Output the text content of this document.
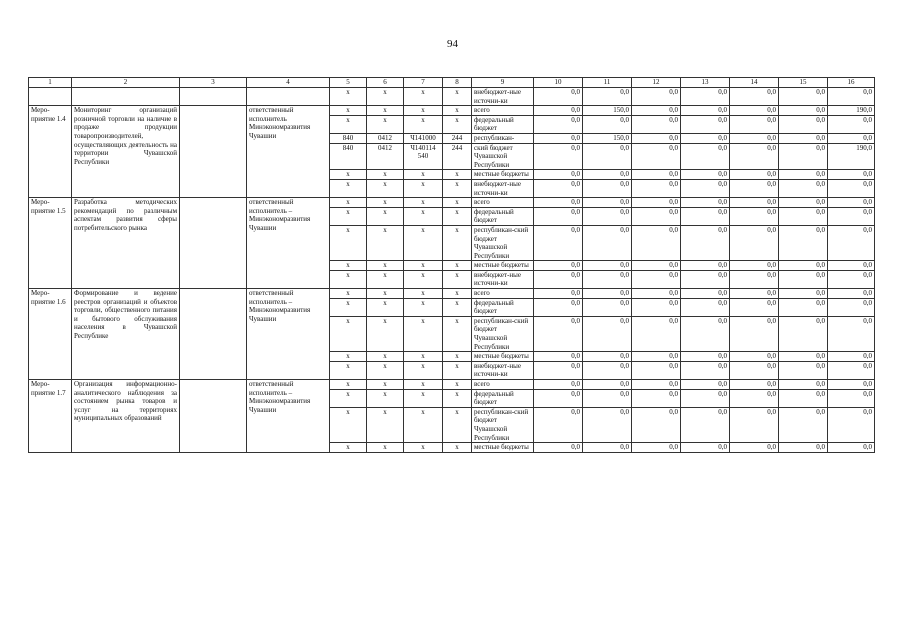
94
1	2	3	4	5	6	7	8	9	10	11	12	13	14	15	16
				x	x	x	x	внебюджет-ные источни-ки	0,0	0,0	0,0	0,0	0,0	0,0	0,0
Меро-приятие 1.4	Мониторинг организаций розничной торговли на наличие в продаже продукции товаропроизводителей, осуществляющих деятельность на территории Чувашской Республики		ответственный исполнитель Минэкономразвития Чувашии	x	x	x	x	всего	0,0	150,0	0,0	0,0	0,0	0,0	190,0
				x	x	x	x	федеральный бюджет	0,0	0,0	0,0	0,0	0,0	0,0	0,0
				840	0412	Ч141000	244	республикан-	0,0	150,0	0,0	0,0	0,0	0,0	0,0
				840	0412	Ч140114 540	244	ский бюджет Чувашской Республики	0,0	0,0	0,0	0,0	0,0	0,0	190,0
				x	x	x	x	местные бюджеты	0,0	0,0	0,0	0,0	0,0	0,0	0,0
				x	x	x	x	внебюджет-ные источни-ки	0,0	0,0	0,0	0,0	0,0	0,0	0,0
Меро-приятие 1.5	Разработка методических рекомендаций по различным аспектам развития сферы потребительского рынка		ответственный исполнитель – Минэкономразвития Чувашии	x	x	x	x	всего	0,0	0,0	0,0	0,0	0,0	0,0	0,0
				x	x	x	x	федеральный бюджет	0,0	0,0	0,0	0,0	0,0	0,0	0,0
				x	x	x	x	республикан-ский бюджет Чувашской Республики	0,0	0,0	0,0	0,0	0,0	0,0	0,0
				x	x	x	x	местные бюджеты	0,0	0,0	0,0	0,0	0,0	0,0	0,0
				x	x	x	x	внебюджет-ные источни-ки	0,0	0,0	0,0	0,0	0,0	0,0	0,0
Меро-приятие 1.6	Формирование и ведение реестров организаций и объектов торговли, общественного питания и бытового обслуживания населения в Чувашской Республике		ответственный исполнитель – Минэкономразвития Чувашии	x	x	x	x	всего	0,0	0,0	0,0	0,0	0,0	0,0	0,0
				x	x	x	x	федеральный бюджет	0,0	0,0	0,0	0,0	0,0	0,0	0,0
				x	x	x	x	республикан-ский бюджет Чувашской Республики	0,0	0,0	0,0	0,0	0,0	0,0	0,0
				x	x	x	x	местные бюджеты	0,0	0,0	0,0	0,0	0,0	0,0	0,0
				x	x	x	x	внебюджет-ные источни-ки	0,0	0,0	0,0	0,0	0,0	0,0	0,0
Меро-приятие 1.7	Организация информационно-аналитического наблюдения за состоянием рынка товаров и услуг на территориях муниципальных образований		ответственный исполнитель – Минэкономразвития Чувашии	x	x	x	x	всего	0,0	0,0	0,0	0,0	0,0	0,0	0,0
				x	x	x	x	федеральный бюджет	0,0	0,0	0,0	0,0	0,0	0,0	0,0
				x	x	x	x	республикан-ский бюджет Чувашской Республики	0,0	0,0	0,0	0,0	0,0	0,0	0,0
				x	x	x	x	местные бюджеты	0,0	0,0	0,0	0,0	0,0	0,0	0,0
